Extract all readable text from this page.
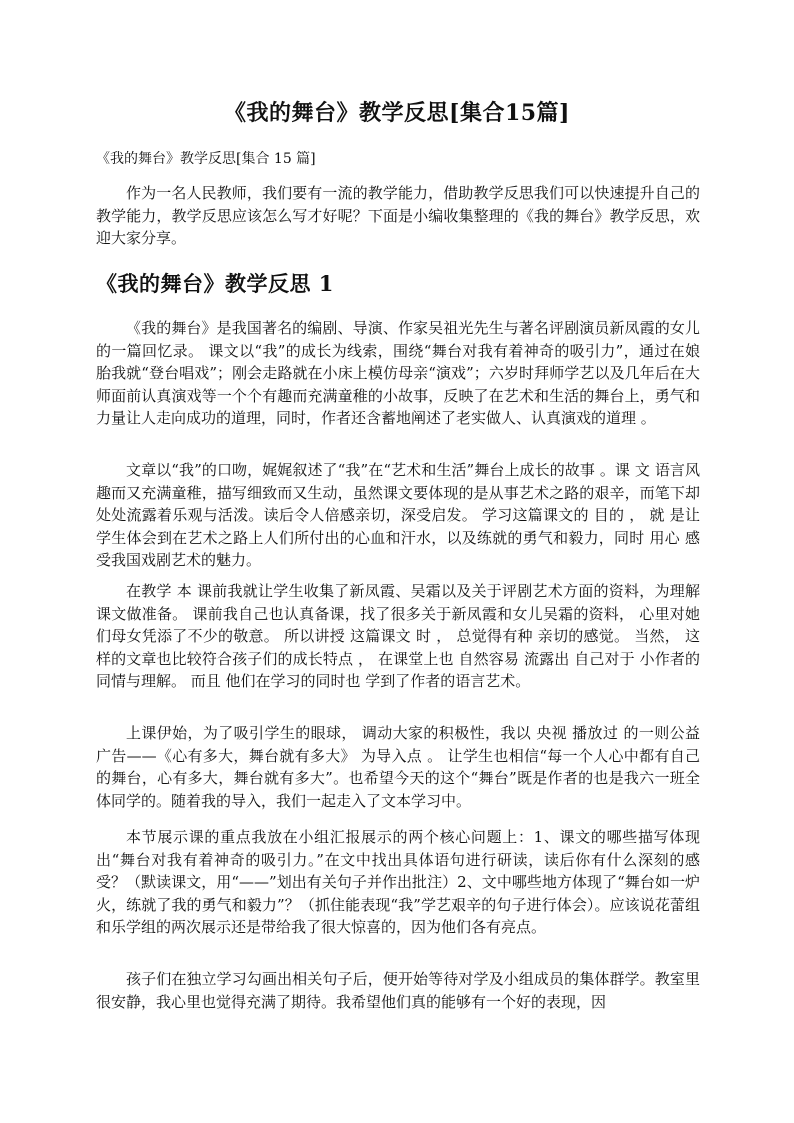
《我的舞台》教学反思[集合15篇]

《我的舞台》教学反思[集合 15 篇]

作为一名人民教师，我们要有一流的教学能力，借助教学反思我们可以快速提升自己的教学能力，教学反思应该怎么写才好呢？下面是小编收集整理的《我的舞台》教学反思，欢迎大家分享。

《我的舞台》教学反思 1

《我的舞台》是我国著名的编剧、导演、作家吴祖光先生与著名评剧演员新凤霞的女儿的一篇回忆录。 课文以“我”的成长为线索，围绕“舞台对我有着神奇的吸引力”，通过在娘胎我就“登台唱戏”；刚会走路就在小床上模仿母亲“演戏”；六岁时拜师学艺以及几年后在大师面前认真演戏等一个个有趣而充满童稚的小故事，反映了在艺术和生活的舞台上，勇气和力量让人走向成功的道理，同时，作者还含蓄地阐述了老实做人、认真演戏的道理 。

文章以“我”的口吻，娓娓叙述了“我”在“艺术和生活”舞台上成长的故事 。课 文 语言风趣而又充满童稚，描写细致而又生动，虽然课文要体现的是从事艺术之路的艰辛，而笔下却处处流露着乐观与活泼。读后令人倍感亲切，深受启发。 学习这篇课文的 目的 ， 就 是让学生体会到在艺术之路上人们所付出的心血和汗水，以及练就的勇气和毅力，同时 用心 感受我国戏剧艺术的魅力。

在教学 本 课前我就让学生收集了新凤霞、吴霜以及关于评剧艺术方面的资料，为理解课文做准备。 课前我自己也认真备课，找了很多关于新凤霞和女儿吴霜的资料， 心里对她们母女凭添了不少的敬意。 所以讲授 这篇课文 时 ， 总觉得有种 亲切的感觉。 当然， 这样的文章也比较符合孩子们的成长特点 ， 在课堂上也 自然容易 流露出 自己对于 小作者的同情与理解。 而且 他们在学习的同时也 学到了作者的语言艺术。

上课伊始，为了吸引学生的眼球， 调动大家的积极性，我以 央视 播放过 的一则公益广告——《心有多大，舞台就有多大》 为导入点 。 让学生也相信“每一个人心中都有自己的舞台，心有多大，舞台就有多大”。也希望今天的这个“舞台”既是作者的也是我六一班全体同学的。随着我的导入，我们一起走入了文本学习中。

本节展示课的重点我放在小组汇报展示的两个核心问题上：1、课文的哪些描写体现出“舞台对我有着神奇的吸引力。”在文中找出具体语句进行研读，读后你有什么深刻的感受？（默读课文，用“——”划出有关句子并作出批注）2、文中哪些地方体现了“舞台如一炉火，练就了我的勇气和毅力”？（抓住能表现“我”学艺艰辛的句子进行体会）。应该说花蕾组和乐学组的两次展示还是带给我了很大惊喜的，因为他们各有亮点。

孩子们在独立学习勾画出相关句子后，便开始等待对学及小组成员的集体群学。教室里很安静，我心里也觉得充满了期待。我希望他们真的能够有一个好的表现，因
